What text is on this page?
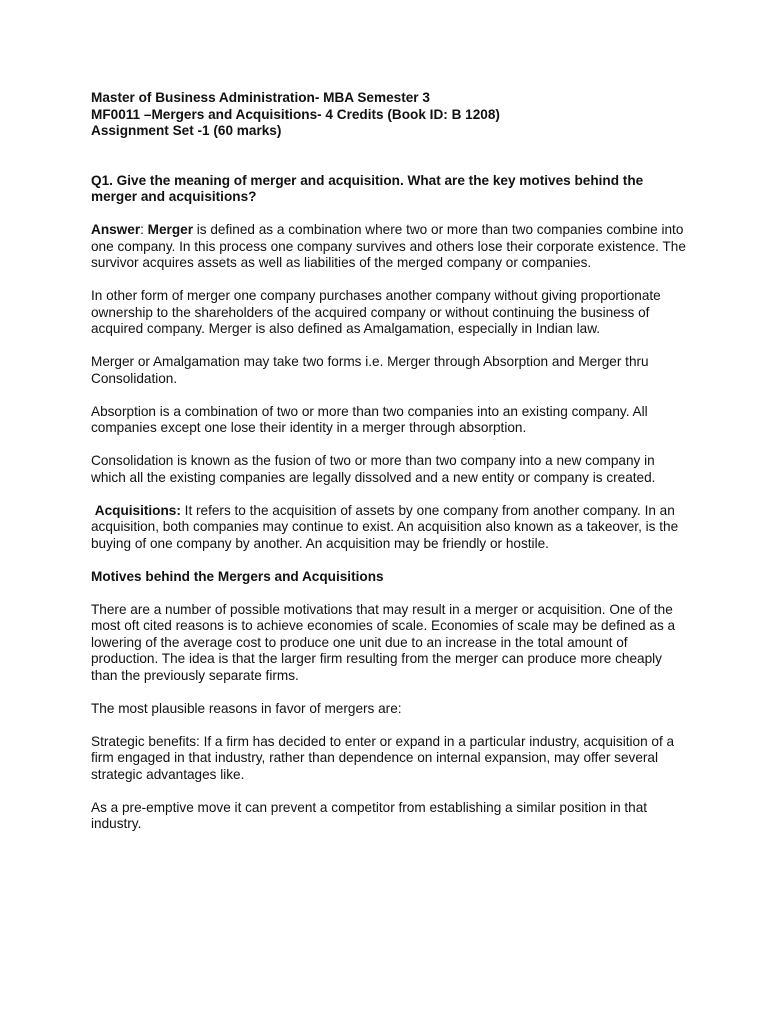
Master of Business Administration- MBA Semester 3

MF0011 –Mergers and Acquisitions- 4 Credits (Book ID: B 1208)

Assignment Set -1 (60 marks)

Q1. Give the meaning of merger and acquisition. What are the key motives behind the merger and acquisitions?

Answer: Merger is defined as a combination where two or more than two companies combine into one company. In this process one company survives and others lose their corporate existence. The survivor acquires assets as well as liabilities of the merged company or companies.

In other form of merger one company purchases another company without giving proportionate ownership to the shareholders of the acquired company or without continuing the business of acquired company. Merger is also defined as Amalgamation, especially in Indian law.

Merger or Amalgamation may take two forms i.e. Merger through Absorption and Merger thru Consolidation.

Absorption is a combination of two or more than two companies into an existing company. All companies except one lose their identity in a merger through absorption.

Consolidation is known as the fusion of two or more than two company into a new company in which all the existing companies are legally dissolved and a new entity or company is created.

Acquisitions: It refers to the acquisition of assets by one company from another company. In an acquisition, both companies may continue to exist. An acquisition also known as a takeover, is the buying of one company by another. An acquisition may be friendly or hostile.

Motives behind the Mergers and Acquisitions

There are a number of possible motivations that may result in a merger or acquisition. One of the most oft cited reasons is to achieve economies of scale. Economies of scale may be defined as a lowering of the average cost to produce one unit due to an increase in the total amount of production. The idea is that the larger firm resulting from the merger can produce more cheaply than the previously separate firms.

The most plausible reasons in favor of mergers are:

Strategic benefits: If a firm has decided to enter or expand in a particular industry, acquisition of a firm engaged in that industry, rather than dependence on internal expansion, may offer several strategic advantages like.

As a pre-emptive move it can prevent a competitor from establishing a similar position in that industry.
